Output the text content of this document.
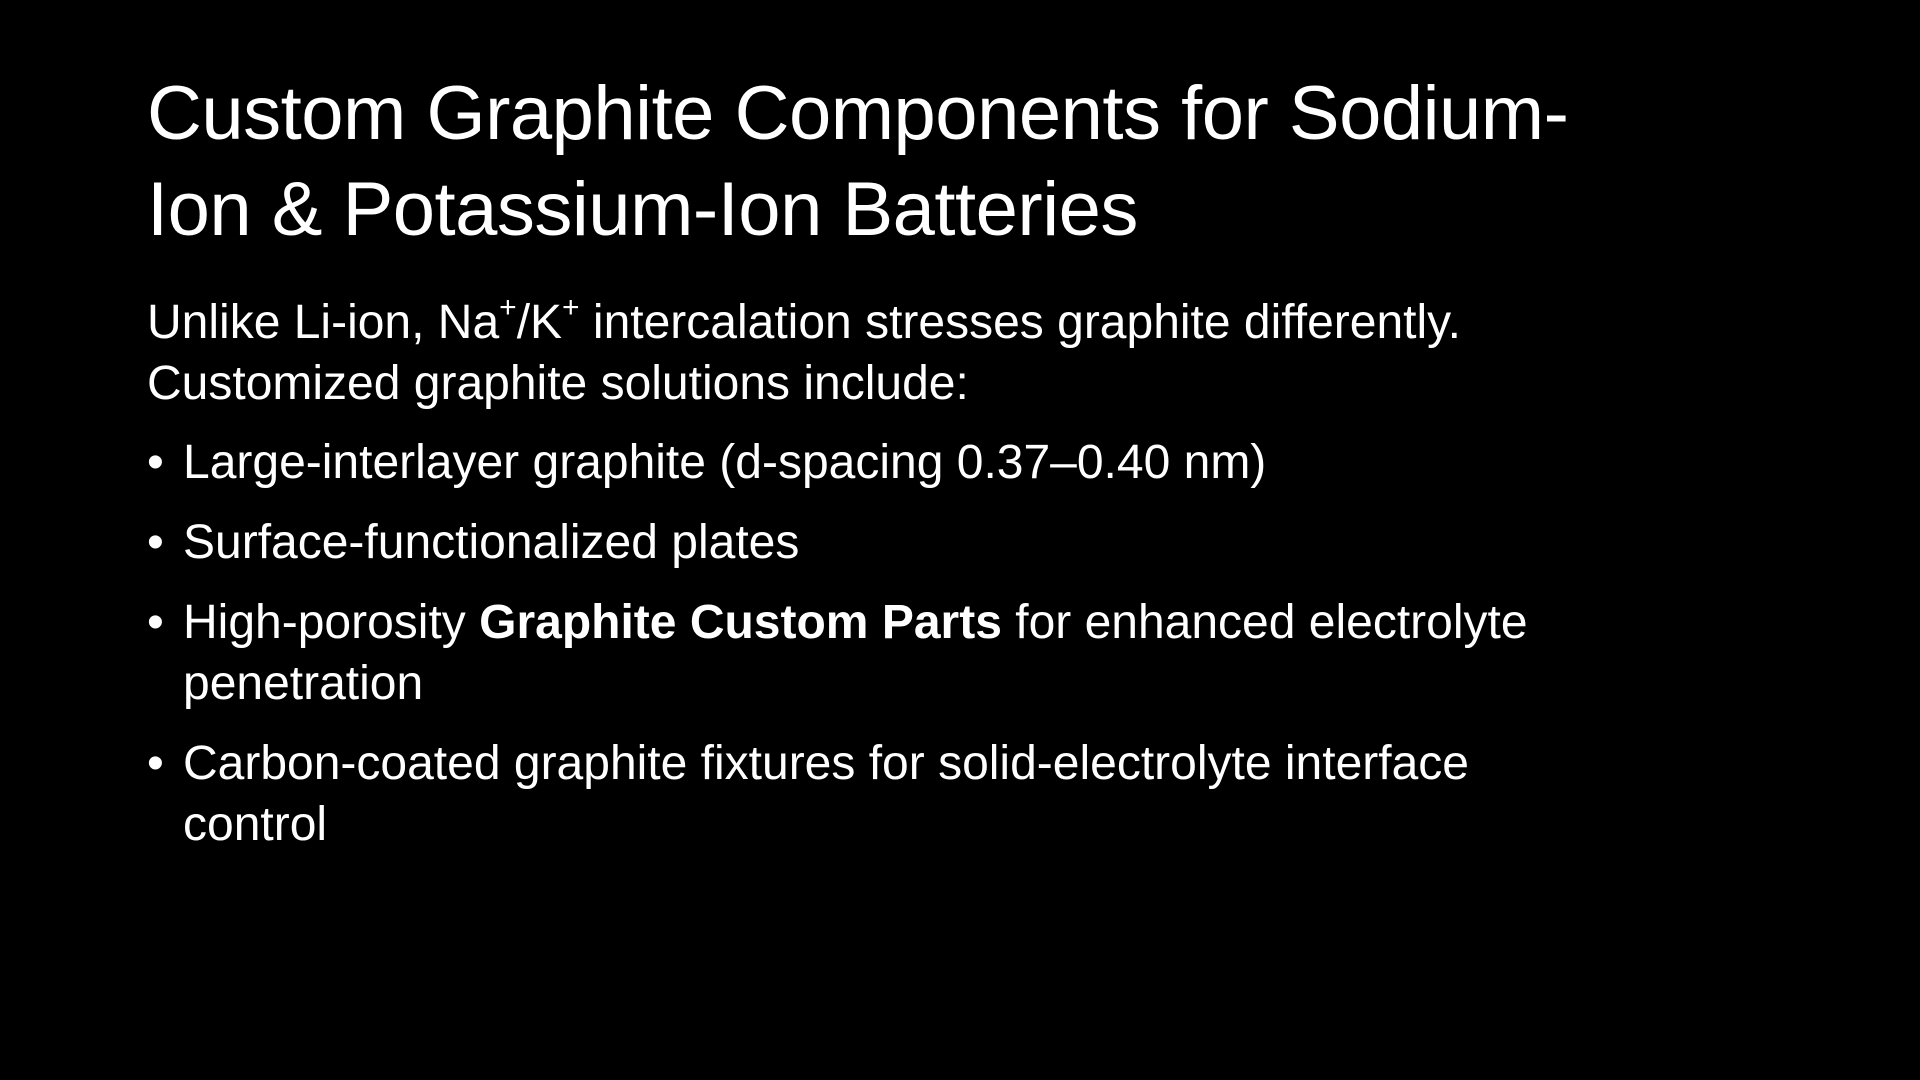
Custom Graphite Components for Sodium-
Ion & Potassium-Ion Batteries

Unlike Li-ion, Na+/K+ intercalation stresses graphite differently.
Customized graphite solutions include:

• Large-interlayer graphite (d-spacing 0.37–0.40 nm)
• Surface-functionalized plates
• High-porosity Graphite Custom Parts for enhanced electrolyte
penetration
• Carbon-coated graphite fixtures for solid-electrolyte interface
control
